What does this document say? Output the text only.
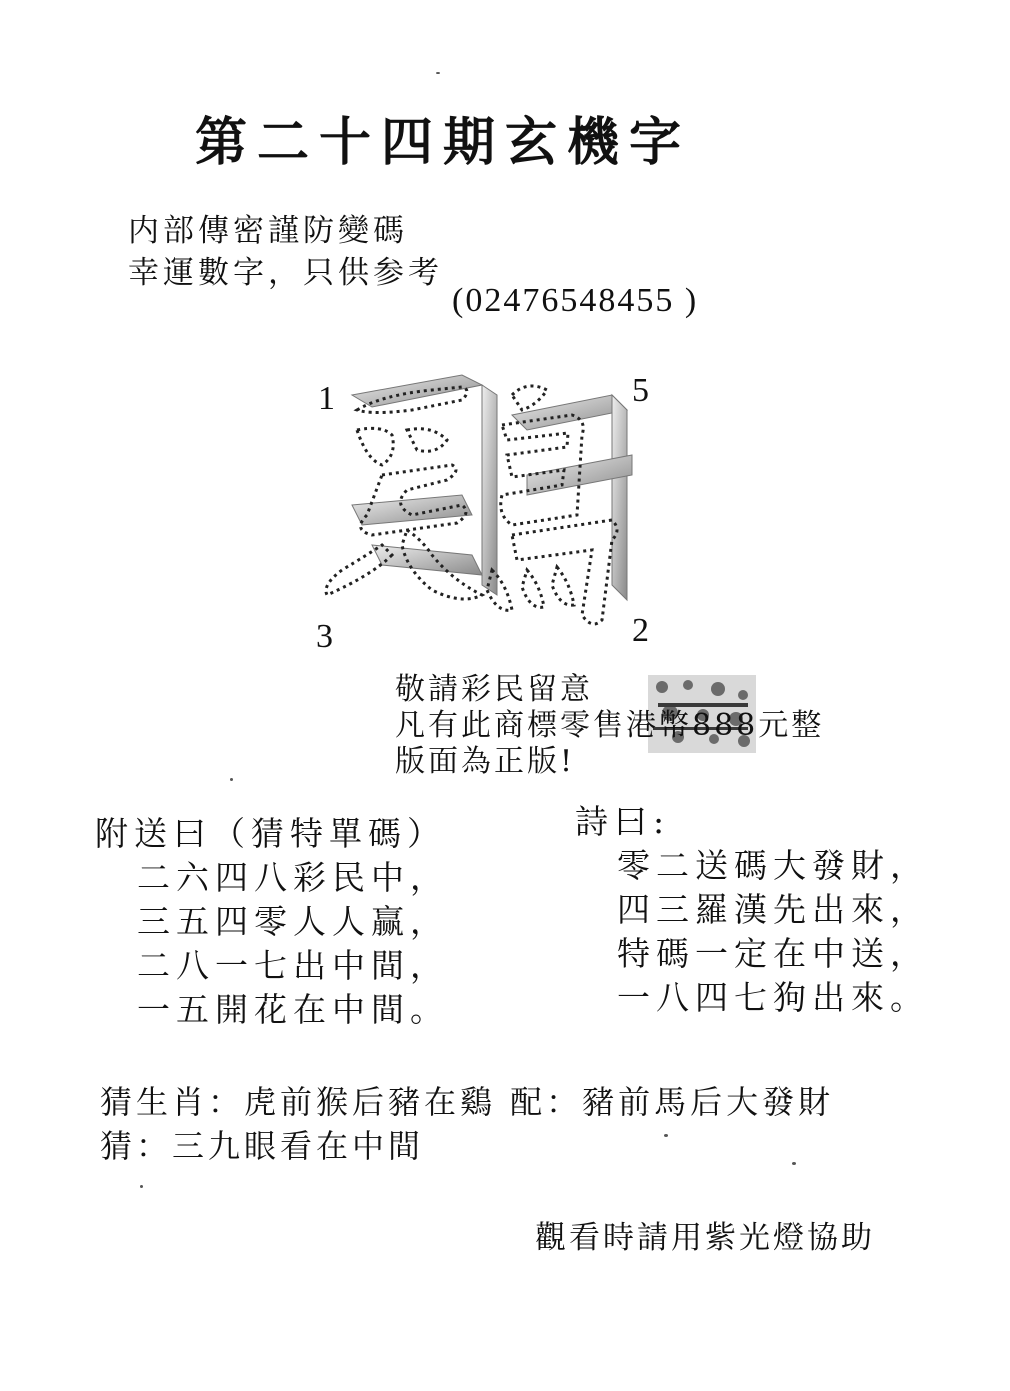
第二十四期玄機字
内部傳密謹防變碼
幸運數字，只供参考
(02476548455 )
1	5
3	2
敬請彩民留意
凡有此商標零售港幣888元整
版面為正版!
附送曰（猜特單碼）
二六四八彩民中，
三五四零人人赢，
二八一七出中間，
一五開花在中間。
詩曰:
零二送碼大發財，
四三羅漢先出來，
特碼一定在中送，
一八四七狗出來。
猜生肖：虎前猴后豬在鷄 配：豬前馬后大發財
猜：三九眼看在中間
觀看時請用紫光燈協助
